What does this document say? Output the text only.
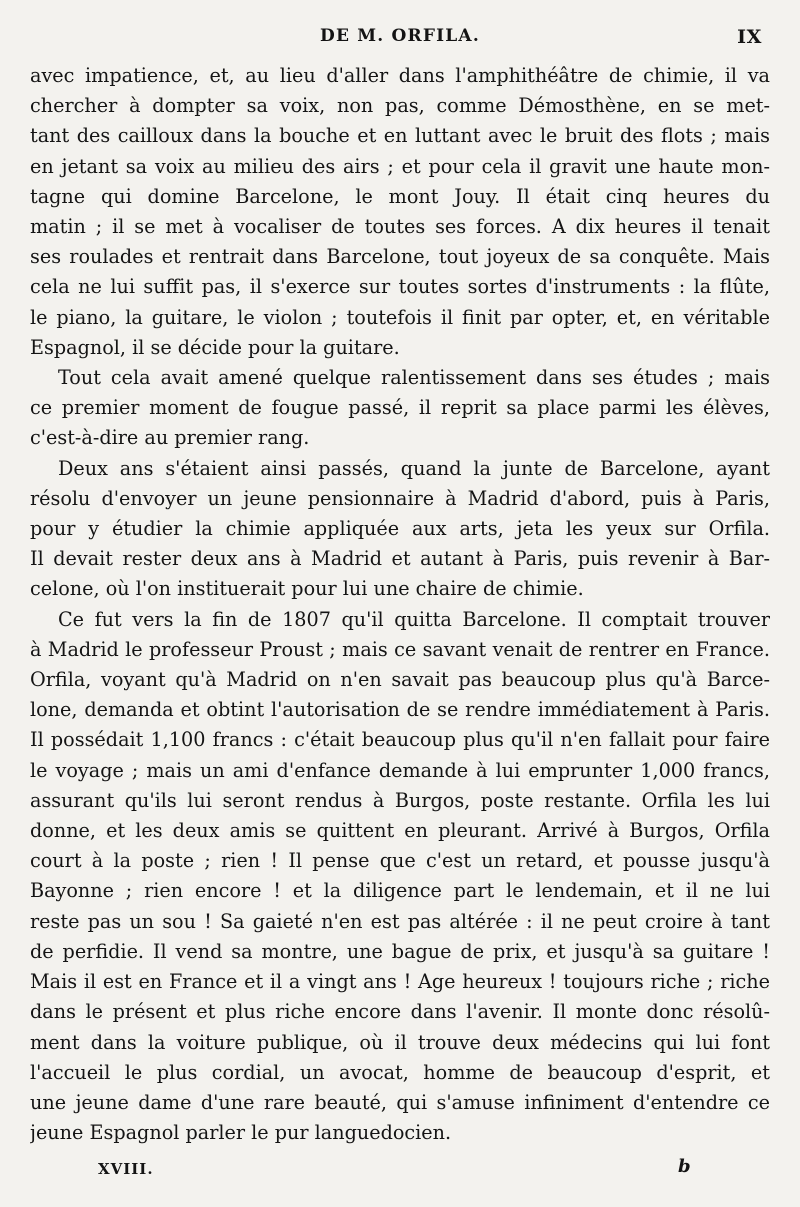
DE M. ORFILA.	IX
avec impatience, et, au lieu d'aller dans l'amphithéâtre de chimie, il va
chercher à dompter sa voix, non pas, comme Démosthène, en se met-
tant des cailloux dans la bouche et en luttant avec le bruit des flots ; mais
en jetant sa voix au milieu des airs ; et pour cela il gravit une haute mon-
tagne qui domine Barcelone, le mont Jouy. Il était cinq heures du
matin ; il se met à vocaliser de toutes ses forces. A dix heures il tenait
ses roulades et rentrait dans Barcelone, tout joyeux de sa conquête. Mais
cela ne lui suffit pas, il s'exerce sur toutes sortes d'instruments : la flûte,
le piano, la guitare, le violon ; toutefois il finit par opter, et, en véritable
Espagnol, il se décide pour la guitare.
Tout cela avait amené quelque ralentissement dans ses études ; mais
ce premier moment de fougue passé, il reprit sa place parmi les élèves,
c'est-à-dire au premier rang.
Deux ans s'étaient ainsi passés, quand la junte de Barcelone, ayant
résolu d'envoyer un jeune pensionnaire à Madrid d'abord, puis à Paris,
pour y étudier la chimie appliquée aux arts, jeta les yeux sur Orfila.
Il devait rester deux ans à Madrid et autant à Paris, puis revenir à Bar-
celone, où l'on instituerait pour lui une chaire de chimie.
Ce fut vers la fin de 1807 qu'il quitta Barcelone. Il comptait trouver
à Madrid le professeur Proust ; mais ce savant venait de rentrer en France.
Orfila, voyant qu'à Madrid on n'en savait pas beaucoup plus qu'à Barce-
lone, demanda et obtint l'autorisation de se rendre immédiatement à Paris.
Il possédait 1,100 francs : c'était beaucoup plus qu'il n'en fallait pour faire
le voyage ; mais un ami d'enfance demande à lui emprunter 1,000 francs,
assurant qu'ils lui seront rendus à Burgos, poste restante. Orfila les lui
donne, et les deux amis se quittent en pleurant. Arrivé à Burgos, Orfila
court à la poste ; rien ! Il pense que c'est un retard, et pousse jusqu'à
Bayonne ; rien encore ! et la diligence part le lendemain, et il ne lui
reste pas un sou ! Sa gaieté n'en est pas altérée : il ne peut croire à tant
de perfidie. Il vend sa montre, une bague de prix, et jusqu'à sa guitare !
Mais il est en France et il a vingt ans ! Age heureux ! toujours riche ; riche
dans le présent et plus riche encore dans l'avenir. Il monte donc résolû-
ment dans la voiture publique, où il trouve deux médecins qui lui font
l'accueil le plus cordial, un avocat, homme de beaucoup d'esprit, et
une jeune dame d'une rare beauté, qui s'amuse infiniment d'entendre ce
jeune Espagnol parler le pur languedocien.
XVIII.	b
